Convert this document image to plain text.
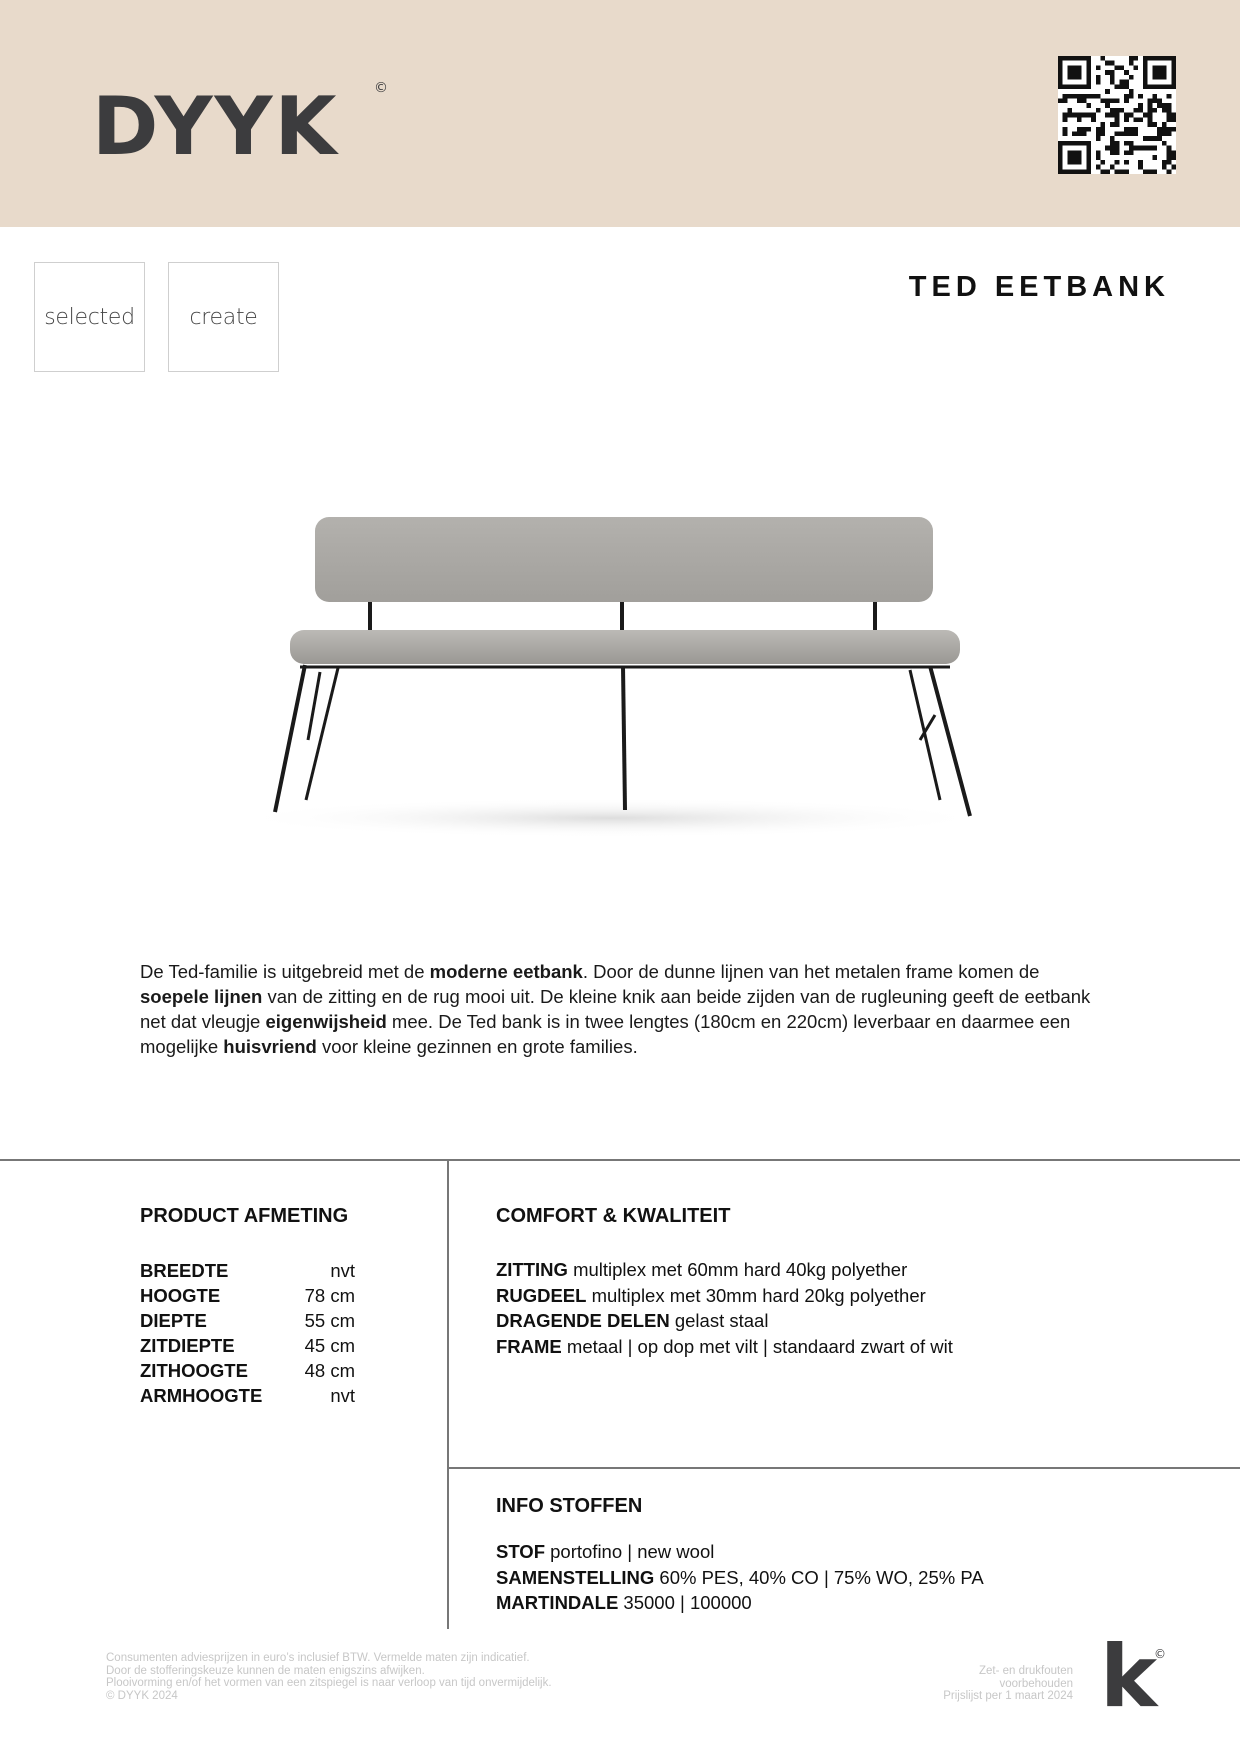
DYYK	©
selected	create
TED EETBANK

De Ted-familie is uitgebreid met de moderne eetbank. Door de dunne lijnen van het metalen frame komen de soepele lijnen van de zitting en de rug mooi uit. De kleine knik aan beide zijden van de rugleuning geeft de eetbank net dat vleugje eigenwijsheid mee. De Ted bank is in twee lengtes (180cm en 220cm) leverbaar en daarmee een mogelijke huisvriend voor kleine gezinnen en grote families.

PRODUCT AFMETING
BREEDTE	nvt
HOOGTE	78 cm
DIEPTE	55 cm
ZITDIEPTE	45 cm
ZITHOOGTE	48 cm
ARMHOOGTE	nvt
COMFORT & KWALITEIT
ZITTING multiplex met 60mm hard 40kg polyether
RUGDEEL multiplex met 30mm hard 20kg polyether
DRAGENDE DELEN gelast staal
FRAME metaal | op dop met vilt | standaard zwart of wit
INFO STOFFEN
STOF portofino | new wool
SAMENSTELLING 60% PES, 40% CO | 75% WO, 25% PA
MARTINDALE 35000 | 100000
Consumenten adviesprijzen in euro’s inclusief BTW. Vermelde maten zijn indicatief.
Door de stofferingskeuze kunnen de maten enigszins afwijken.
Plooivorming en/of het vormen van een zitspiegel is naar verloop van tijd onvermijdelijk.
© DYYK 2024
Zet- en drukfouten
voorbehouden
Prijslijst per 1 maart 2024 k
©
